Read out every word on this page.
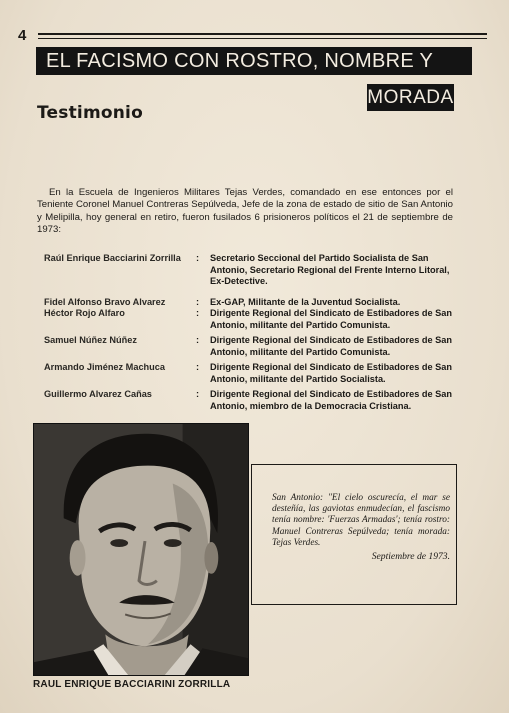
4
EL FACISMO CON ROSTRO, NOMBRE Y
MORADA
Testimonio
En la Escuela de Ingenieros Militares Tejas Verdes, comandado en ese entonces por el Teniente Coronel Manuel Contreras Sepúlveda, Jefe de la zona de estado de sitio de San Antonio y Melipilla, hoy general en retiro, fueron fusilados 6 prisioneros políticos el 21 de septiembre de 1973:
Raúl Enrique Bacciarini Zorrilla	:	Secretario Seccional del Partido Socialista de San Antonio, Secretario Regional del Frente Interno Litoral, Ex-Detective.
Fidel Alfonso Bravo Alvarez	:	Ex-GAP, Militante de la Juventud Socialista.
Héctor Rojo Alfaro	:	Dirigente Regional del Sindicato de Estibadores de San Antonio, militante del Partido Comunista.
Samuel Núñez Núñez	:	Dirigente Regional del Sindicato de Estibadores de San Antonio, militante del Partido Comunista.
Armando Jiménez Machuca	:	Dirigente Regional del Sindicato de Estibadores de San Antonio, militante del Partido Socialista.
Guillermo Alvarez Cañas	:	Dirigente Regional del Sindicato de Estibadores de San Antonio, miembro de la Democracia Cristiana.
RAUL ENRIQUE BACCIARINI ZORRILLA
San Antonio: "El cielo oscurecía, el mar se desteñía, las gaviotas enmudecían, el fascismo tenía nombre: 'Fuerzas Armadas'; tenía rostro: Manuel Contreras Sepúlveda; tenía morada: Tejas Verdes.
Septiembre de 1973.
